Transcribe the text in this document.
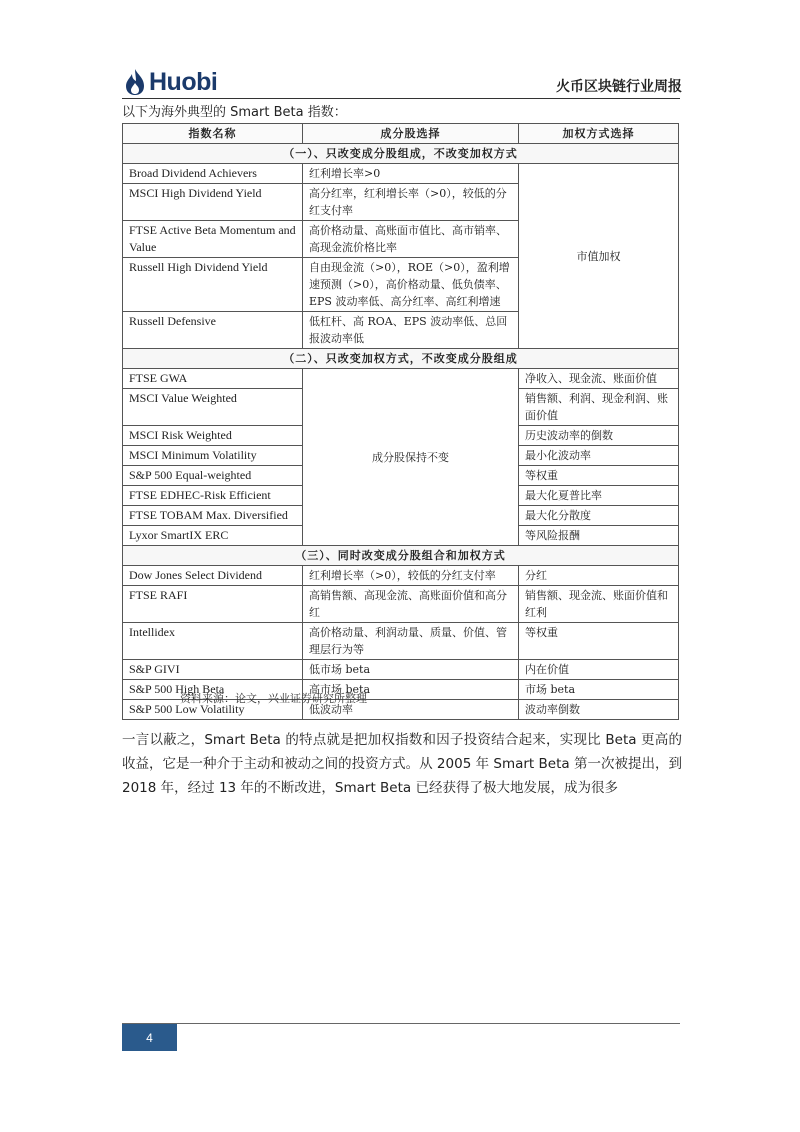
Huobi	火币区块链行业周报
以下为海外典型的 Smart Beta 指数：
指数名称	成分股选择	加权方式选择
（一）、只改变成分股组成，不改变加权方式		
Broad Dividend Achievers	红利增长率>0	市值加权
MSCI High Dividend Yield	高分红率，红利增长率（>0），较低的分红支付率	
FTSE Active Beta Momentum and Value	高价格动量、高账面市值比、高市销率、高现金流价格比率	
Russell High Dividend Yield	自由现金流（>0），ROE（>0），盈利增速预测（>0），高价格动量、低负债率、EPS 波动率低、高分红率、高红利增速	
Russell Defensive	低杠杆、高 ROA、EPS 波动率低、总回报波动率低	
（二）、只改变加权方式，不改变成分股组成		
FTSE GWA	成分股保持不变	净收入、现金流、账面价值
MSCI Value Weighted		销售额、利润、现金利润、账面价值
MSCI Risk Weighted		历史波动率的倒数
MSCI Minimum Volatility		最小化波动率
S&P 500 Equal-weighted		等权重
FTSE EDHEC-Risk Efficient		最大化夏普比率
FTSE TOBAM Max. Diversified		最大化分散度
Lyxor SmartIX ERC		等风险报酬
（三）、同时改变成分股组合和加权方式		
Dow Jones Select Dividend	红利增长率（>0），较低的分红支付率	分红
FTSE RAFI	高销售额、高现金流、高账面价值和高分红	销售额、现金流、账面价值和红利
Intellidex	高价格动量、利润动量、质量、价值、管理层行为等	等权重
S&P GIVI	低市场 beta	内在价值
S&P 500 High Beta	高市场 beta	市场 beta
S&P 500 Low Volatility	低波动率	波动率倒数
资料来源：论文，兴业证券研究所整理

一言以蔽之，Smart Beta 的特点就是把加权指数和因子投资结合起来，实现比 Beta 更高的收益，它是一种介于主动和被动之间的投资方式。从 2005 年 Smart Beta 第一次被提出，到 2018 年，经过 13 年的不断改进，Smart Beta 已经获得了极大地发展，成为很多

4
